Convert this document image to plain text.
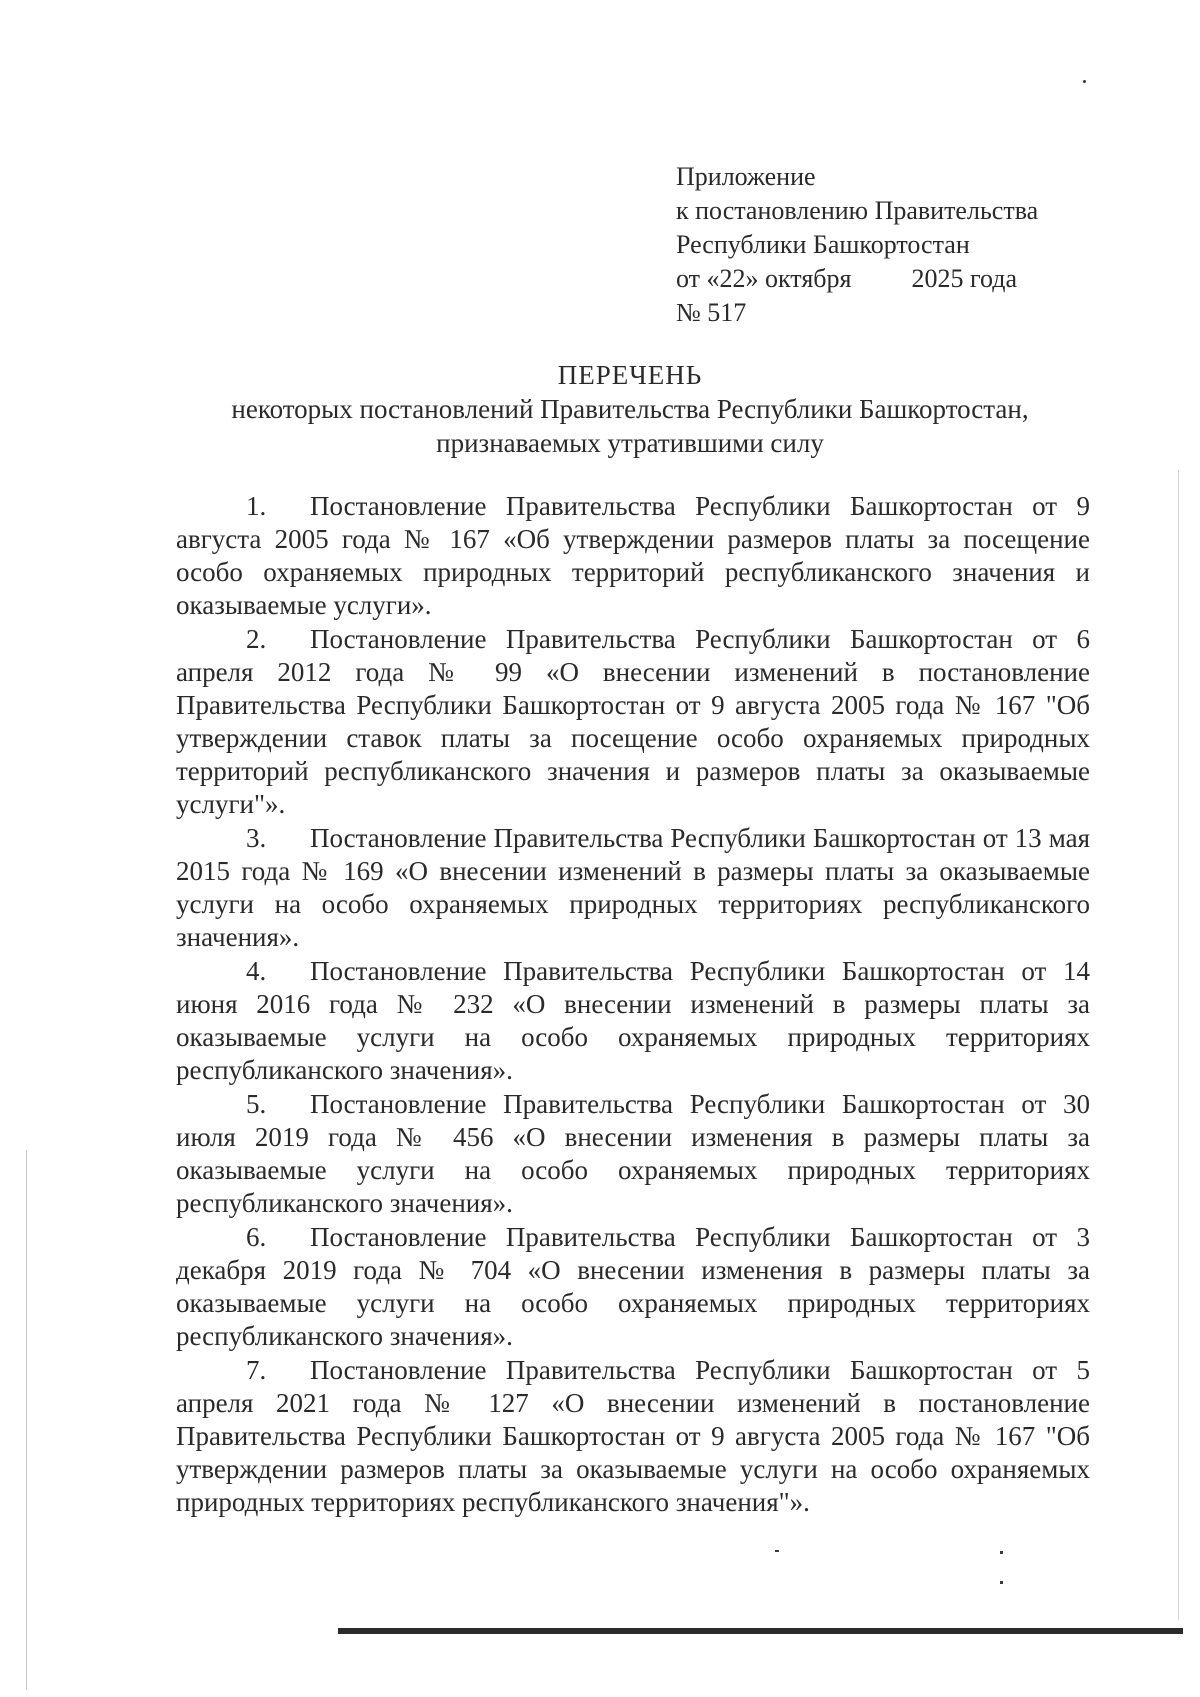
Приложение
к постановлению Правительства
Республики Башкортостан
от «22» октября 2025 года
№ 517
ПЕРЕЧЕНЬ
некоторых постановлений Правительства Республики Башкортостан,
признаваемых утратившими силу

1. Постановление Правительства Республики Башкортостан от 9 августа 2005 года № 167 «Об утверждении размеров платы за посещение особо охраняемых природных территорий республиканского значения и оказываемые услуги».

2. Постановление Правительства Республики Башкортостан от 6 апреля 2012 года № 99 «О внесении изменений в постановление Правительства Республики Башкортостан от 9 августа 2005 года № 167 "Об утверждении ставок платы за посещение особо охраняемых природных территорий республиканского значения и размеров платы за оказываемые услуги"».

3. Постановление Правительства Республики Башкортостан от 13 мая 2015 года № 169 «О внесении изменений в размеры платы за оказываемые услуги на особо охраняемых природных территориях республиканского значения».

4. Постановление Правительства Республики Башкортостан от 14 июня 2016 года № 232 «О внесении изменений в размеры платы за оказываемые услуги на особо охраняемых природных территориях республиканского значения».

5. Постановление Правительства Республики Башкортостан от 30 июля 2019 года № 456 «О внесении изменения в размеры платы за оказываемые услуги на особо охраняемых природных территориях республиканского значения».

6. Постановление Правительства Республики Башкортостан от 3 декабря 2019 года № 704 «О внесении изменения в размеры платы за оказываемые услуги на особо охраняемых природных территориях республиканского значения».

7. Постановление Правительства Республики Башкортостан от 5 апреля 2021 года № 127 «О внесении изменений в постановление Правительства Республики Башкортостан от 9 августа 2005 года № 167 "Об утверждении размеров платы за оказываемые услуги на особо охраняемых природных территориях республиканского значения"».
